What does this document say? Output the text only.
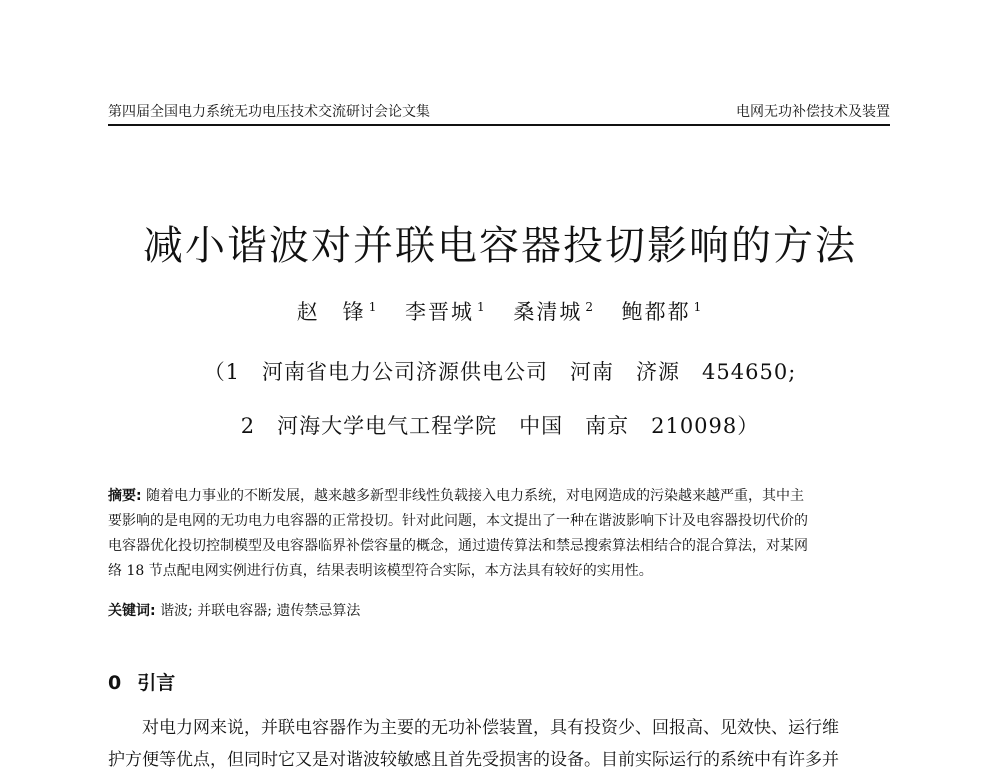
第四届全国电力系统无功电压技术交流研讨会论文集	电网无功补偿技术及装置
减小谐波对并联电容器投切影响的方法
赵　锋 $^1$ 李晋城 $^1$ 桑清城 $^2$ 鲍都都 $^1$
（1　河南省电力公司济源供电公司　河南　济源　454650;
2　河海大学电气工程学院　中国　南京　210098）
摘要: 随着电力事业的不断发展，越来越多新型非线性负载接入电力系统，对电网造成的污染越来越严重，其中主
要影响的是电网的无功电力电容器的正常投切。针对此问题，本文提出了一种在谐波影响下计及电容器投切代价的
电容器优化投切控制模型及电容器临界补偿容量的概念，通过遗传算法和禁忌搜索算法相结合的混合算法，对某网
络 18 节点配电网实例进行仿真，结果表明该模型符合实际，本方法具有较好的实用性。
关键词: 谐波; 并联电容器; 遗传禁忌算法
0 引言
对电力网来说，并联电容器作为主要的无功补偿装置，具有投资少、回报高、见效快、运行维
护方便等优点，但同时它又是对谐波较敏感且首先受损害的设备。目前实际运行的系统中有许多并
